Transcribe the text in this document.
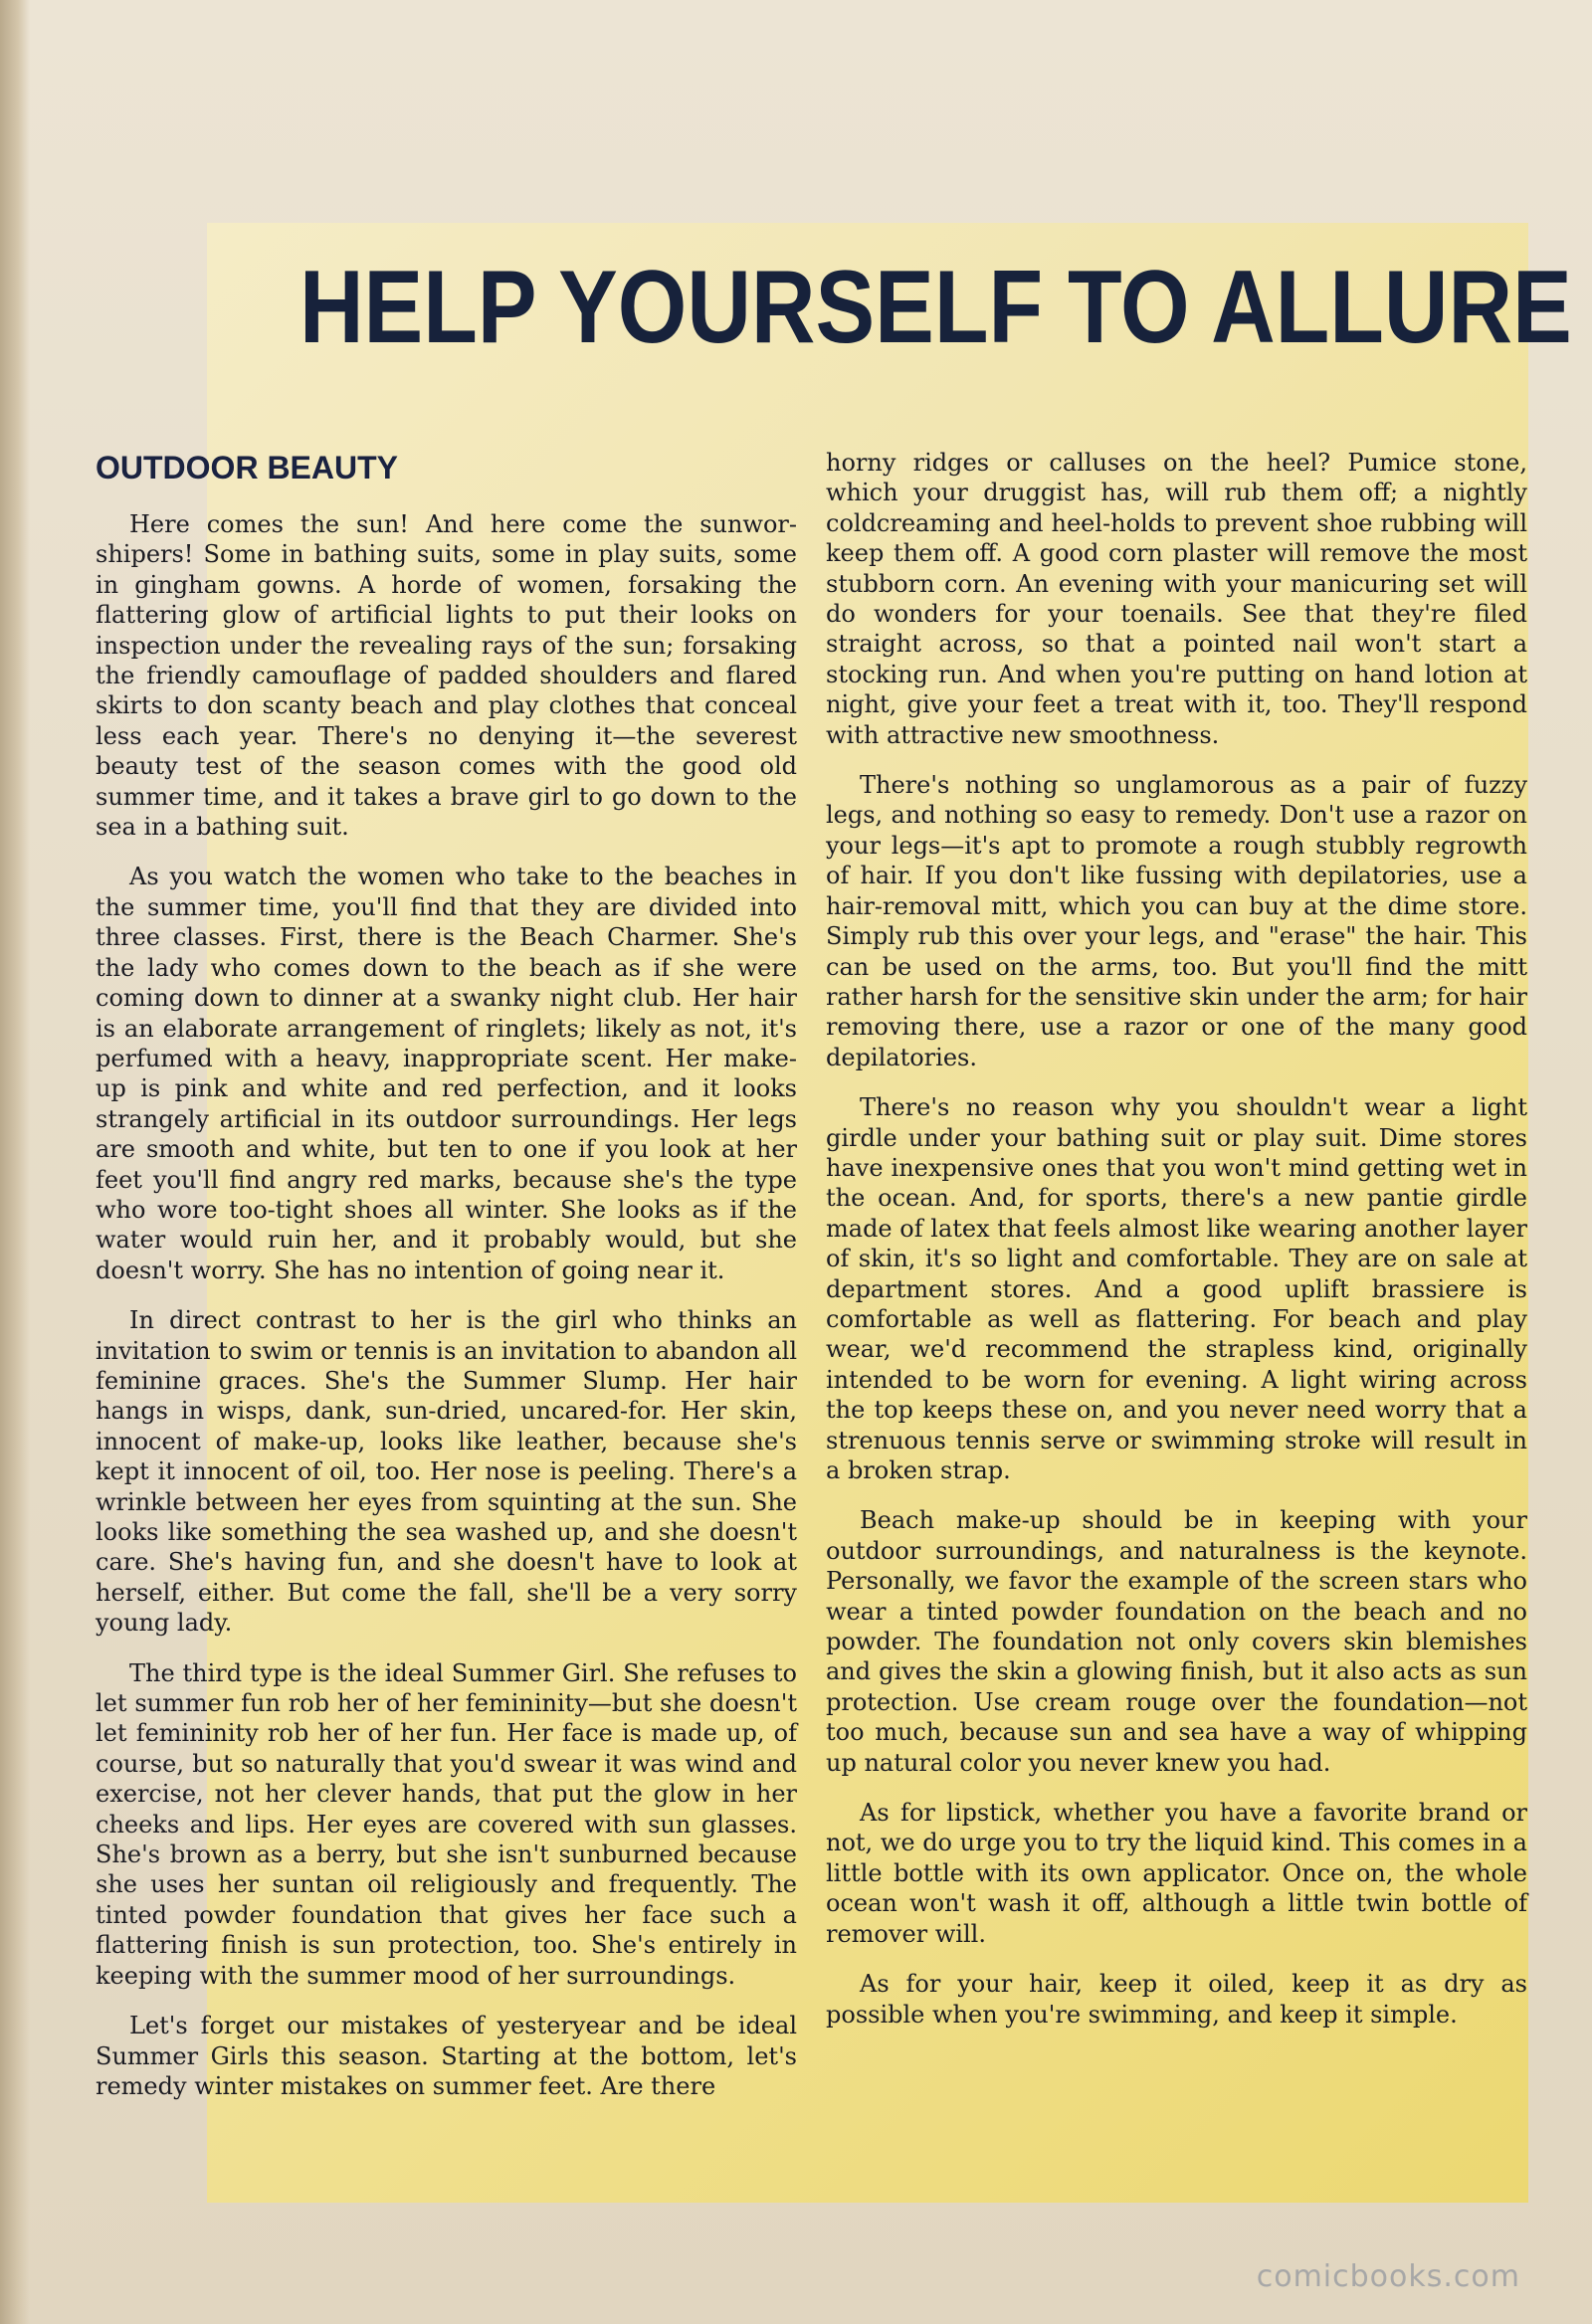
HELP YOURSELF TO ALLURE
OUTDOOR BEAUTY

Here comes the sun! And here come the sunworshipers! Some in bathing suits, some in play suits, some in gingham gowns. A horde of women, forsaking the flattering glow of artificial lights to put their looks on inspection under the revealing rays of the sun; forsaking the friendly camouflage of padded shoulders and flared skirts to don scanty beach and play clothes that conceal less each year. There's no denying it—the severest beauty test of the season comes with the good old summer time, and it takes a brave girl to go down to the sea in a bathing suit.

As you watch the women who take to the beaches in the summer time, you'll find that they are divided into three classes. First, there is the Beach Charmer. She's the lady who comes down to the beach as if she were coming down to dinner at a swanky night club. Her hair is an elaborate arrangement of ringlets; likely as not, it's perfumed with a heavy, inappropriate scent. Her make-up is pink and white and red perfection, and it looks strangely artificial in its outdoor surroundings. Her legs are smooth and white, but ten to one if you look at her feet you'll find angry red marks, because she's the type who wore too-tight shoes all winter. She looks as if the water would ruin her, and it probably would, but she doesn't worry. She has no intention of going near it.

In direct contrast to her is the girl who thinks an invitation to swim or tennis is an invitation to abandon all feminine graces. She's the Summer Slump. Her hair hangs in wisps, dank, sun-dried, uncared-for. Her skin, innocent of make-up, looks like leather, because she's kept it innocent of oil, too. Her nose is peeling. There's a wrinkle between her eyes from squinting at the sun. She looks like something the sea washed up, and she doesn't care. She's having fun, and she doesn't have to look at herself, either. But come the fall, she'll be a very sorry young lady.

The third type is the ideal Summer Girl. She refuses to let summer fun rob her of her femininity—but she doesn't let femininity rob her of her fun. Her face is made up, of course, but so naturally that you'd swear it was wind and exercise, not her clever hands, that put the glow in her cheeks and lips. Her eyes are covered with sun glasses. She's brown as a berry, but she isn't sunburned because she uses her suntan oil religiously and frequently. The tinted powder foundation that gives her face such a flattering finish is sun protection, too. She's entirely in keeping with the summer mood of her surroundings.

Let's forget our mistakes of yesteryear and be ideal Summer Girls this season. Starting at the bottom, let's remedy winter mistakes on summer feet. Are there

horny ridges or calluses on the heel? Pumice stone, which your druggist has, will rub them off; a nightly coldcreaming and heel-holds to prevent shoe rubbing will keep them off. A good corn plaster will remove the most stubborn corn. An evening with your manicuring set will do wonders for your toenails. See that they're filed straight across, so that a pointed nail won't start a stocking run. And when you're putting on hand lotion at night, give your feet a treat with it, too. They'll respond with attractive new smoothness.

There's nothing so unglamorous as a pair of fuzzy legs, and nothing so easy to remedy. Don't use a razor on your legs—it's apt to promote a rough stubbly regrowth of hair. If you don't like fussing with depilatories, use a hair-removal mitt, which you can buy at the dime store. Simply rub this over your legs, and "erase" the hair. This can be used on the arms, too. But you'll find the mitt rather harsh for the sensitive skin under the arm; for hair removing there, use a razor or one of the many good depilatories.

There's no reason why you shouldn't wear a light girdle under your bathing suit or play suit. Dime stores have inexpensive ones that you won't mind getting wet in the ocean. And, for sports, there's a new pantie girdle made of latex that feels almost like wearing another layer of skin, it's so light and comfortable. They are on sale at department stores. And a good uplift brassiere is comfortable as well as flattering. For beach and play wear, we'd recommend the strapless kind, originally intended to be worn for evening. A light wiring across the top keeps these on, and you never need worry that a strenuous tennis serve or swimming stroke will result in a broken strap.

Beach make-up should be in keeping with your outdoor surroundings, and naturalness is the keynote. Personally, we favor the example of the screen stars who wear a tinted powder foundation on the beach and no powder. The foundation not only covers skin blemishes and gives the skin a glowing finish, but it also acts as sun protection. Use cream rouge over the foundation—not too much, because sun and sea have a way of whipping up natural color you never knew you had.

As for lipstick, whether you have a favorite brand or not, we do urge you to try the liquid kind. This comes in a little bottle with its own applicator. Once on, the whole ocean won't wash it off, although a little twin bottle of remover will.

As for your hair, keep it oiled, keep it as dry as possible when you're swimming, and keep it simple.

comicbooks.com
